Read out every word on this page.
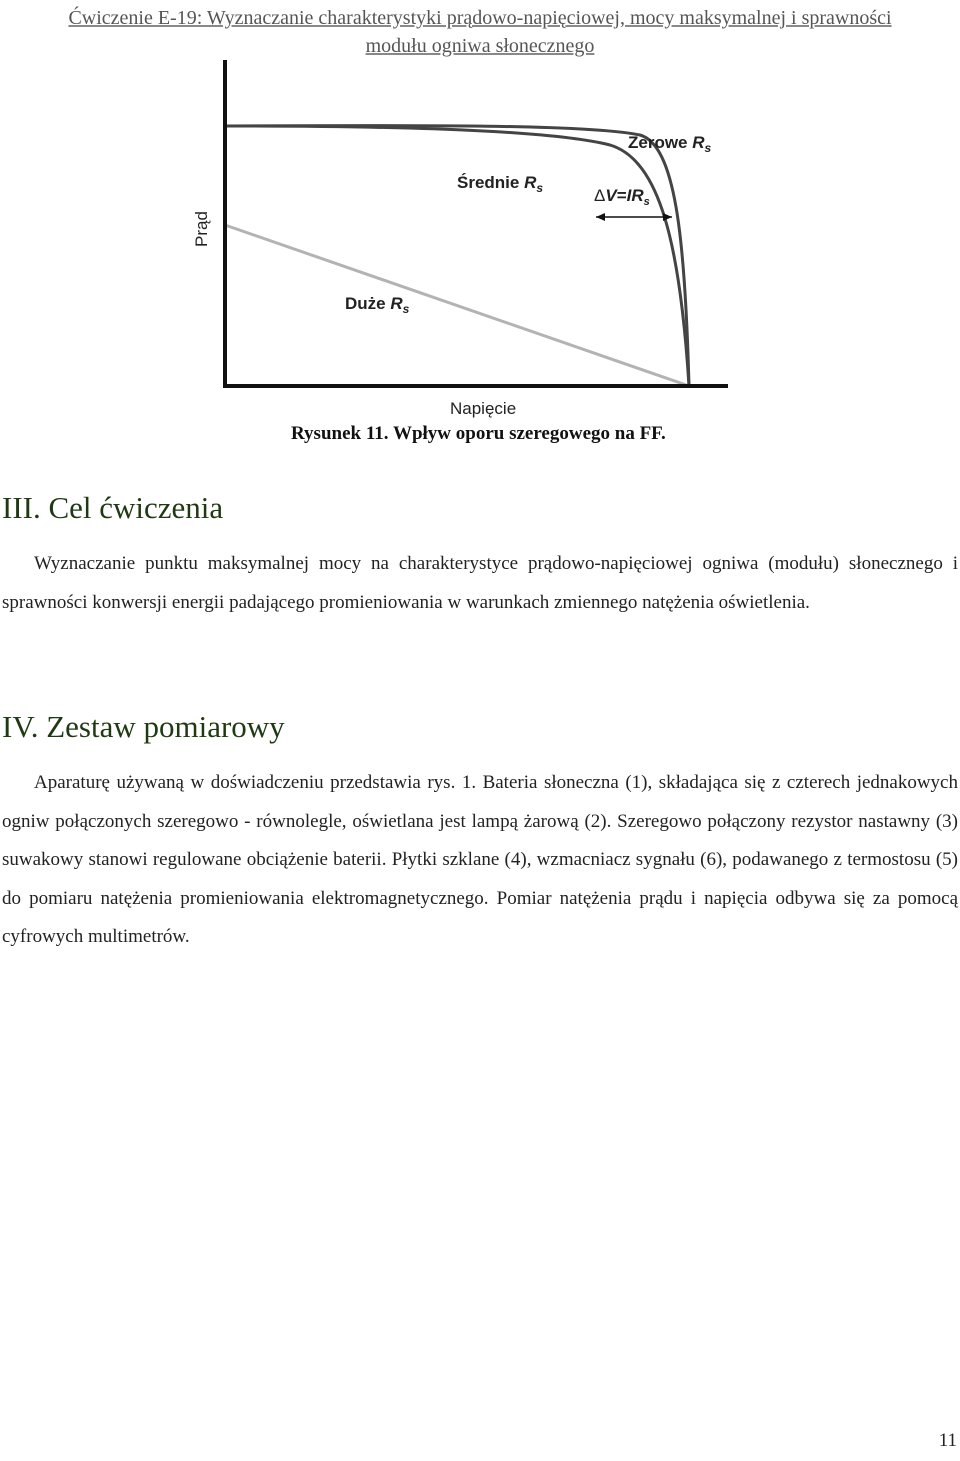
Ćwiczenie E-19: Wyznaczanie charakterystyki prądowo-napięciowej, mocy maksymalnej i sprawności
modułu ogniwa słonecznego
Zerowe $R_s$
Średnie $R_s$
Duże $R_s$
$\Delta V=IR_s$
Prąd
Napięcie
Rysunek 11. Wpływ oporu szeregowego na FF.
III. Cel ćwiczenia

Wyznaczanie punktu maksymalnej mocy na charakterystyce prądowo-napięciowej ogniwa (modułu) słonecznego i sprawności konwersji energii padającego promieniowania w warunkach zmiennego natężenia oświetlenia.

IV. Zestaw pomiarowy

Aparaturę używaną w doświadczeniu przedstawia rys. 1. Bateria słoneczna (1), składająca się z czterech jednakowych ogniw połączonych szeregowo - równolegle, oświetlana jest lampą żarową (2). Szeregowo połączony rezystor nastawny (3) suwakowy stanowi regulowane obciążenie baterii. Płytki szklane (4), wzmacniacz sygnału (6), podawanego z termostosu (5) do pomiaru natężenia promieniowania elektromagnetycznego. Pomiar natężenia prądu i napięcia odbywa się za pomocą cyfrowych multimetrów.

11
